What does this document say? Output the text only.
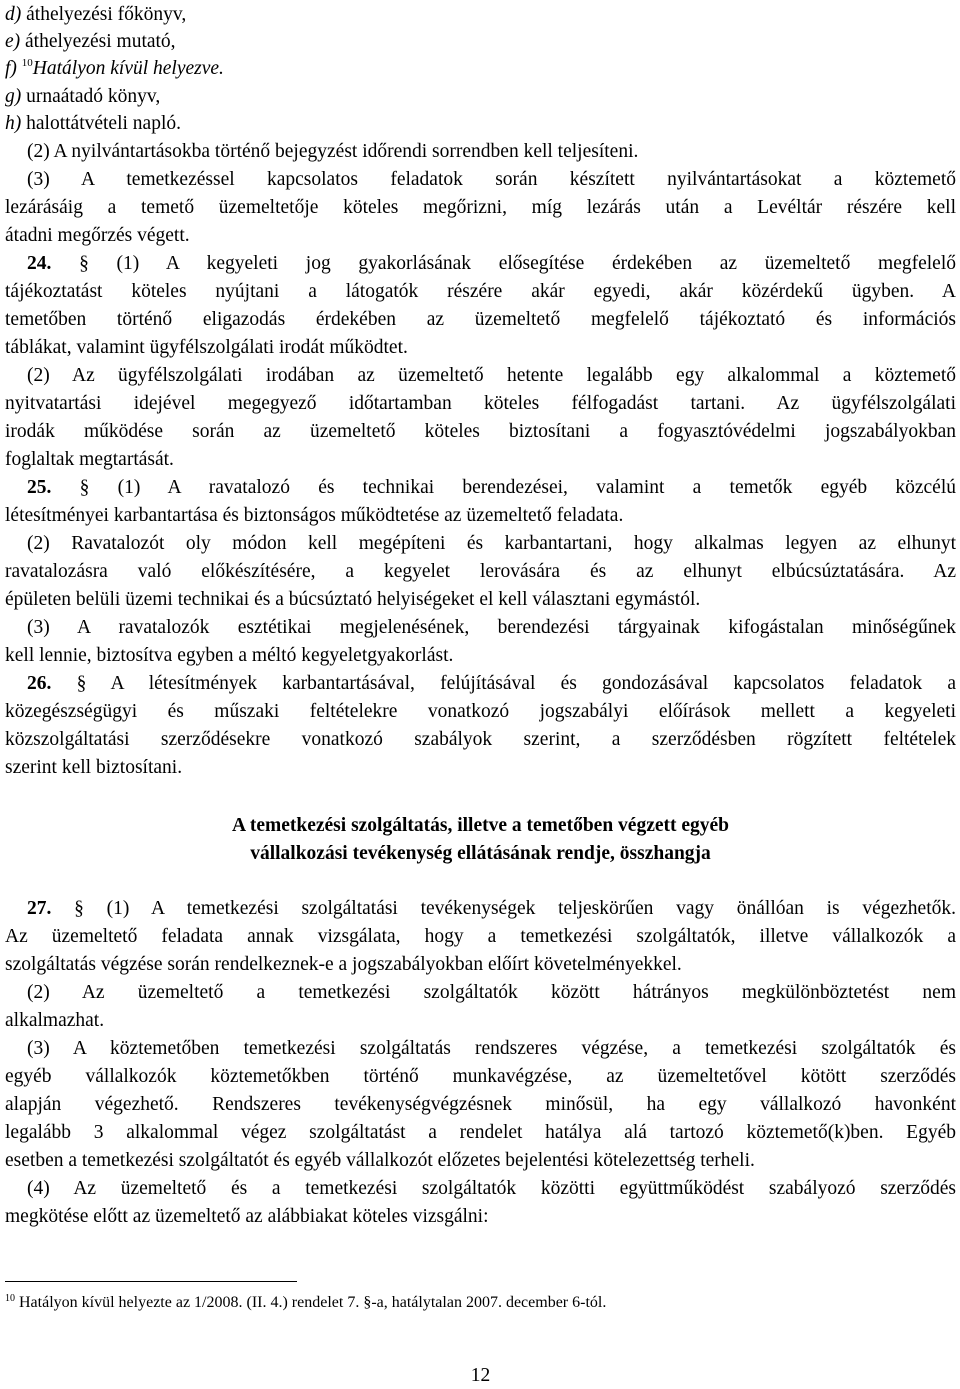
d) áthelyezési főkönyv,
e) áthelyezési mutató,
f) $^{10}$Hatályon kívül helyezve.
g) urnaátadó könyv,
h) halottátvételi napló.
(2) A nyilvántartásokba történő bejegyzést időrendi sorrendben kell teljesíteni.
(3) A temetkezéssel kapcsolatos feladatok során készített nyilvántartásokat a köztemető
lezárásáig a temető üzemeltetője köteles megőrizni, míg lezárás után a Levéltár részére kell
átadni megőrzés végett.
24. § (1) A kegyeleti jog gyakorlásának elősegítése érdekében az üzemeltető megfelelő
tájékoztatást köteles nyújtani a látogatók részére akár egyedi, akár közérdekű ügyben. A
temetőben történő eligazodás érdekében az üzemeltető megfelelő tájékoztató és információs
táblákat, valamint ügyfélszolgálati irodát működtet.
(2) Az ügyfélszolgálati irodában az üzemeltető hetente legalább egy alkalommal a köztemető
nyitvatartási idejével megegyező időtartamban köteles félfogadást tartani. Az ügyfélszolgálati
irodák működése során az üzemeltető köteles biztosítani a fogyasztóvédelmi jogszabályokban
foglaltak megtartását.
25. § (1) A ravatalozó és technikai berendezései, valamint a temetők egyéb közcélú
létesítményei karbantartása és biztonságos működtetése az üzemeltető feladata.
(2) Ravatalozót oly módon kell megépíteni és karbantartani, hogy alkalmas legyen az elhunyt
ravatalozásra való előkészítésére, a kegyelet lerovására és az elhunyt elbúcsúztatására. Az
épületen belüli üzemi technikai és a búcsúztató helyiségeket el kell választani egymástól.
(3) A ravatalozók esztétikai megjelenésének, berendezési tárgyainak kifogástalan minőségűnek
kell lennie, biztosítva egyben a méltó kegyeletgyakorlást.
26. § A létesítmények karbantartásával, felújításával és gondozásával kapcsolatos feladatok a
közegészségügyi és műszaki feltételekre vonatkozó jogszabályi előírások mellett a kegyeleti
közszolgáltatási szerződésekre vonatkozó szabályok szerint, a szerződésben rögzített feltételek
szerint kell biztosítani.
A temetkezési szolgáltatás, illetve a temetőben végzett egyéb
vállalkozási tevékenység ellátásának rendje, összhangja
27. § (1) A temetkezési szolgáltatási tevékenységek teljeskörűen vagy önállóan is végezhetők.
Az üzemeltető feladata annak vizsgálata, hogy a temetkezési szolgáltatók, illetve vállalkozók a
szolgáltatás végzése során rendelkeznek-e a jogszabályokban előírt követelményekkel.
(2) Az üzemeltető a temetkezési szolgáltatók között hátrányos megkülönböztetést nem
alkalmazhat.
(3) A köztemetőben temetkezési szolgáltatás rendszeres végzése, a temetkezési szolgáltatók és
egyéb vállalkozók köztemetőkben történő munkavégzése, az üzemeltetővel kötött szerződés
alapján végezhető. Rendszeres tevékenységvégzésnek minősül, ha egy vállalkozó havonként
legalább 3 alkalommal végez szolgáltatást a rendelet hatálya alá tartozó köztemető(k)ben. Egyéb
esetben a temetkezési szolgáltatót és egyéb vállalkozót előzetes bejelentési kötelezettség terheli.
(4) Az üzemeltető és a temetkezési szolgáltatók közötti együttműködést szabályozó szerződés
megkötése előtt az üzemeltető az alábbiakat köteles vizsgálni:
$^{10}$ Hatályon kívül helyezte az 1/2008. (II. 4.) rendelet 7. §-a, hatálytalan 2007. december 6-tól.
12
